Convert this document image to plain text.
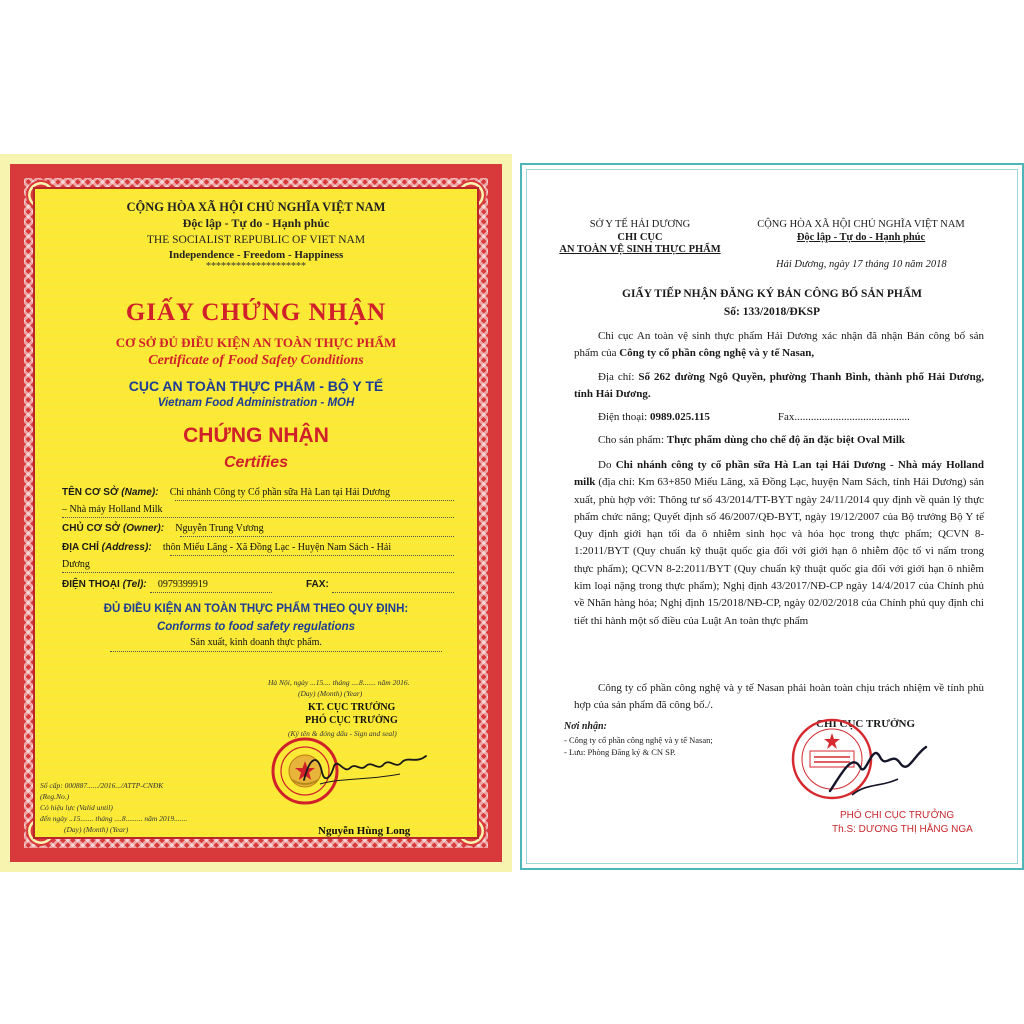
CỘNG HÒA XÃ HỘI CHỦ NGHĨA VIỆT NAM
Độc lập - Tự do - Hạnh phúc
THE SOCIALIST REPUBLIC OF VIET NAM
Independence - Freedom - Happiness
********************
GIẤY CHỨNG NHẬN
CƠ SỞ ĐỦ ĐIỀU KIỆN AN TOÀN THỰC PHẨM
Certificate of Food Safety Conditions
CỤC AN TOÀN THỰC PHẨM - BỘ Y TẾ
Vietnam Food Administration - MOH
CHỨNG NHẬN
Certifies
TÊN CƠ SỞ (Name): Chi nhánh Công ty Cổ phần sữa Hà Lan tại Hải Dương
– Nhà máy Holland Milk
CHỦ CƠ SỞ (Owner): Nguyễn Trung Vương
ĐỊA CHỈ (Address): thôn Miếu Lãng - Xã Đồng Lạc - Huyện Nam Sách - Hải
Dương
ĐIỆN THOẠI (Tel): 0979399919	FAX:
ĐỦ ĐIỀU KIỆN AN TOÀN THỰC PHẨM THEO QUY ĐỊNH:
Conforms to food safety regulations
Sản xuất, kinh doanh thực phẩm.
Hà Nội, ngày ...15.... tháng ....8....... năm 2016.
(Day) (Month) (Year)
KT. CỤC TRƯỞNG
PHÓ CỤC TRƯỞNG
(Ký tên & đóng dấu - Sign and seal)
Số cấp: 000887....../2016.../ATTP-CNĐK
(Reg.No.)
Có hiệu lực (Valid until)
đến ngày ..15....... tháng ....8......... năm 2019.......
(Day) (Month) (Year)	Nguyễn Hùng Long
SỞ Y TẾ HẢI DƯƠNG
CHI CỤC
AN TOÀN VỆ SINH THỰC PHẨM
CỘNG HÒA XÃ HỘI CHỦ NGHĨA VIỆT NAM
Độc lập - Tự do - Hạnh phúc
Hải Dương, ngày 17 tháng 10 năm 2018
GIẤY TIẾP NHẬN ĐĂNG KÝ BẢN CÔNG BỐ SẢN PHẨM
Số: 133/2018/ĐKSP
Chi cục An toàn vệ sinh thực phẩm Hải Dương xác nhận đã nhận Bản công bố sản phẩm của Công ty cổ phần công nghệ và y tế Nasan,
Địa chỉ: Số 262 đường Ngô Quyền, phường Thanh Bình, thành phố Hải Dương, tỉnh Hải Dương.
Điện thoại: 0989.025.115	Fax..........................................
Cho sản phẩm: Thực phẩm dùng cho chế độ ăn đặc biệt Oval Milk
Do Chi nhánh công ty cổ phần sữa Hà Lan tại Hải Dương - Nhà máy Holland milk (địa chỉ: Km 63+850 Miếu Lãng, xã Đồng Lạc, huyện Nam Sách, tỉnh Hải Dương) sản xuất, phù hợp với: Thông tư số 43/2014/TT-BYT ngày 24/11/2014 quy định về quản lý thực phẩm chức năng; Quyết định số 46/2007/QĐ-BYT, ngày 19/12/2007 của Bộ trưởng Bộ Y tế Quy định giới hạn tối đa ô nhiễm sinh học và hóa học trong thực phẩm; QCVN 8-1:2011/BYT (Quy chuẩn kỹ thuật quốc gia đối với giới hạn ô nhiễm độc tố vi nấm trong thực phẩm); QCVN 8-2:2011/BYT (Quy chuẩn kỹ thuật quốc gia đối với giới hạn ô nhiễm kim loại nặng trong thực phẩm); Nghị định 43/2017/NĐ-CP ngày 14/4/2017 của Chính phủ về Nhãn hàng hóa; Nghị định 15/2018/NĐ-CP, ngày 02/02/2018 của Chính phủ quy định chi tiết thi hành một số điều của Luật An toàn thực phẩm
Công ty cổ phần công nghệ và y tế Nasan phải hoàn toàn chịu trách nhiệm về tính phù hợp của sản phẩm đã công bố./.
Nơi nhận:
- Công ty cổ phần công nghệ và y tế Nasan;
- Lưu: Phòng Đăng ký & CN SP.
CHI CỤC TRƯỞNG
PHÓ CHI CỤC TRƯỞNG
Th.S: DƯƠNG THỊ HẰNG NGA
